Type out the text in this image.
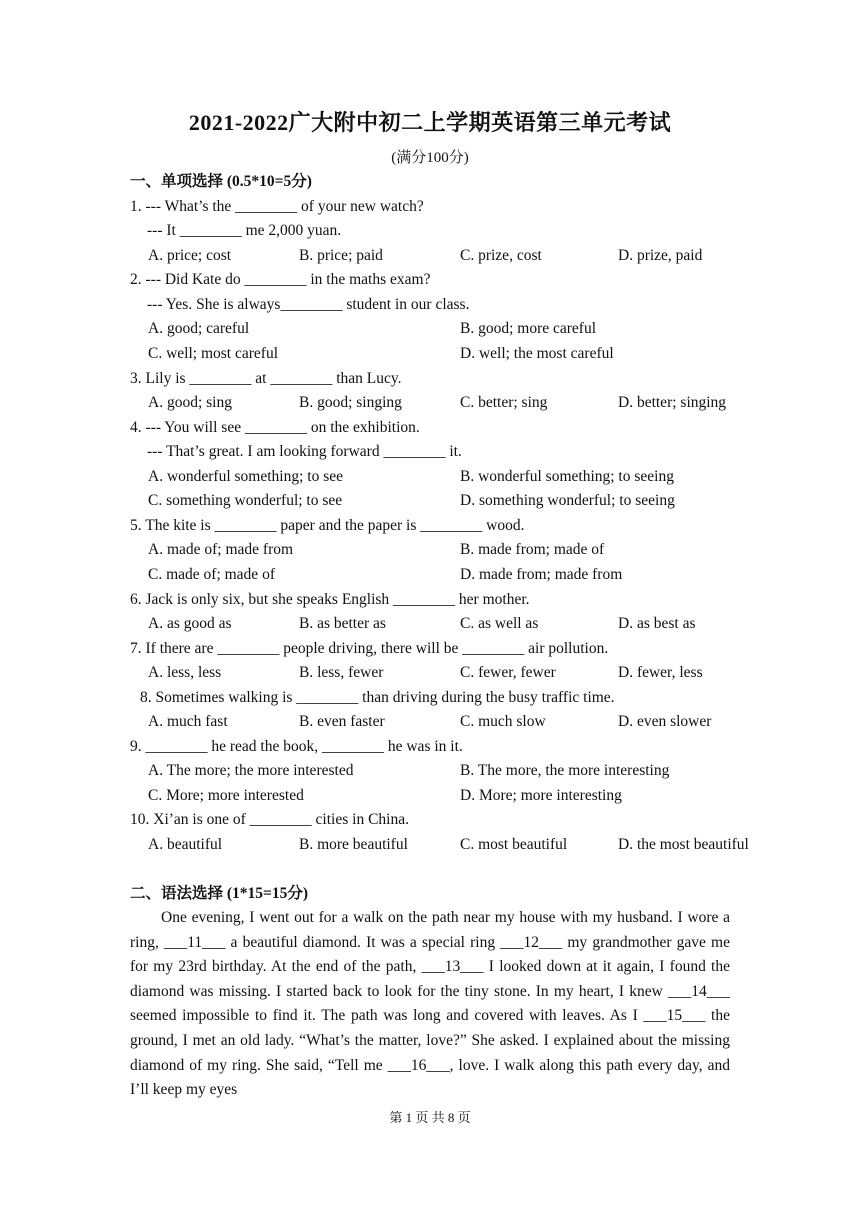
2021-2022广大附中初二上学期英语第三单元考试
(满分100分)
一、单项选择 (0.5*10=5分)
1. --- What’s the ________ of your new watch?
--- It ________ me 2,000 yuan.
A. price; cost	B. price; paid	C. prize, cost	D. prize, paid
2. --- Did Kate do ________ in the maths exam?
--- Yes. She is always________ student in our class.
A. good; careful	B. good; more careful
C. well; most careful	D. well; the most careful
3. Lily is ________ at ________ than Lucy.
A. good; sing	B. good; singing	C. better; sing	D. better; singing
4. --- You will see ________ on the exhibition.
--- That’s great. I am looking forward ________ it.
A. wonderful something; to see	B. wonderful something; to seeing
C. something wonderful; to see	D. something wonderful; to seeing
5. The kite is ________ paper and the paper is ________ wood.
A. made of; made from	B. made from; made of
C. made of; made of	D. made from; made from
6. Jack is only six, but she speaks English ________ her mother.
A. as good as	B. as better as	C. as well as	D. as best as
7. If there are ________ people driving, there will be ________ air pollution.
A. less, less	B. less, fewer	C. fewer, fewer	D. fewer, less
8. Sometimes walking is ________ than driving during the busy traffic time.
A. much fast	B. even faster	C. much slow	D. even slower
9. ________ he read the book, ________ he was in it.
A. The more; the more interested	B. The more, the more interesting
C. More; more interested	D. More; more interesting
10. Xi’an is one of ________ cities in China.
A. beautiful	B. more beautiful	C. most beautiful	D. the most beautiful
二、语法选择 (1*15=15分)

One evening, I went out for a walk on the path near my house with my husband. I wore a ring, ___11___ a beautiful diamond. It was a special ring ___12___ my grandmother gave me for my 23rd birthday. At the end of the path, ___13___ I looked down at it again, I found the diamond was missing. I started back to look for the tiny stone. In my heart, I knew ___14___ seemed impossible to find it. The path was long and covered with leaves. As I ___15___ the ground, I met an old lady. “What’s the matter, love?” She asked. I explained about the missing diamond of my ring. She said, “Tell me ___16___, love. I walk along this path every day, and I’ll keep my eyes

第 1 页 共 8 页
